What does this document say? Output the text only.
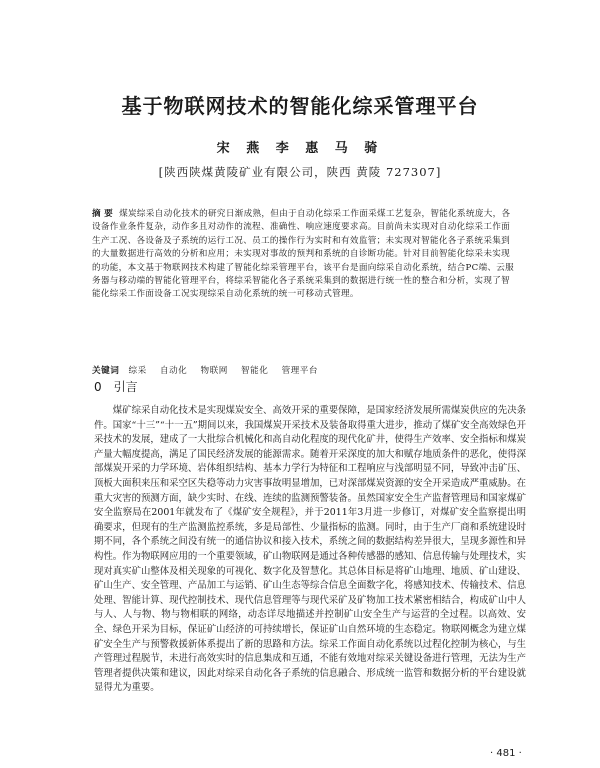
基于物联网技术的智能化综采管理平台
宋 燕 李 惠 马 骑
[陕西陕煤黄陵矿业有限公司，陕西 黄陵 727307]
摘 要 煤炭综采自动化技术的研究日渐成熟，但由于自动化综采工作面采煤工艺复杂，智能化系统庞大，各设备作业条件复杂，动作多且对动作的流程、准确性、响应速度要求高。目前尚未实现对自动化综采工作面生产工况、各设备及子系统的运行工况、员工的操作行为实时和有效监管；未实现对智能化各子系统采集到的大量数据进行高效的分析和应用；未实现对事故的预判和系统的自诊断功能。针对目前智能化综采未实现的功能，本文基于物联网技术构建了智能化综采管理平台，该平台是面向综采自动化系统，结合PC端、云服务器与移动端的智能化管理平台，将综采智能化各子系统采集到的数据进行统一性的整合和分析，实现了智能化综采工作面设备工况实现综采自动化系统的统一可移动式管理。
关键词 综采 自动化 物联网 智能化 管理平台
0 引言

煤矿综采自动化技术是实现煤炭安全、高效开采的重要保障，是国家经济发展所需煤炭供应的先决条件。国家“十三”“十一五”期间以来，我国煤炭开采技术及装备取得重大进步，推动了煤矿安全高效绿色开采技术的发展，建成了一大批综合机械化和高自动化程度的现代化矿井，使得生产效率、安全指标和煤炭产量大幅度提高，满足了国民经济发展的能源需求。随着开采深度的加大和赋存地质条件的恶化，使得深部煤炭开采的力学环境、岩体组织结构、基本力学行为特征和工程响应与浅部明显不同，导致冲击矿压、顶板大面积来压和采空区失稳等动力灾害事故明显增加，已对深部煤炭资源的安全开采造成严重威胁。在重大灾害的预测方面，缺少实时、在线、连续的监测预警装备。虽然国家安全生产监督管理局和国家煤矿安全监察局在2001年就发布了《煤矿安全规程》，并于2011年3月进一步修订，对煤矿安全监察提出明确要求，但现有的生产监测监控系统，多是局部性、少量指标的监测。同时，由于生产厂商和系统建设时期不同，各个系统之间没有统一的通信协议和接入技术，系统之间的数据结构差异很大，呈现多源性和异构性。作为物联网应用的一个重要领域，矿山物联网是通过各种传感器的感知、信息传输与处理技术，实现对真实矿山整体及相关现象的可视化、数字化及智慧化。其总体目标是将矿山地理、地质、矿山建设、矿山生产、安全管理、产品加工与运销、矿山生态等综合信息全面数字化，将感知技术、传输技术、信息处理、智能计算、现代控制技术、现代信息管理等与现代采矿及矿物加工技术紧密相结合，构成矿山中人与人、人与物、物与物相联的网络，动态详尽地描述并控制矿山安全生产与运营的全过程。以高效、安全、绿色开采为目标，保证矿山经济的可持续增长，保证矿山自然环境的生态稳定。物联网概念为建立煤矿安全生产与预警救援新体系提出了新的思路和方法。综采工作面自动化系统以过程化控制为核心，与生产管理过程脱节，未进行高效实时的信息集成和互通，不能有效地对综采关键设备进行管理，无法为生产管理者提供决策和建议，因此对综采自动化各子系统的信息融合、形成统一监管和数据分析的平台建设就显得尤为重要。

· 481 ·
